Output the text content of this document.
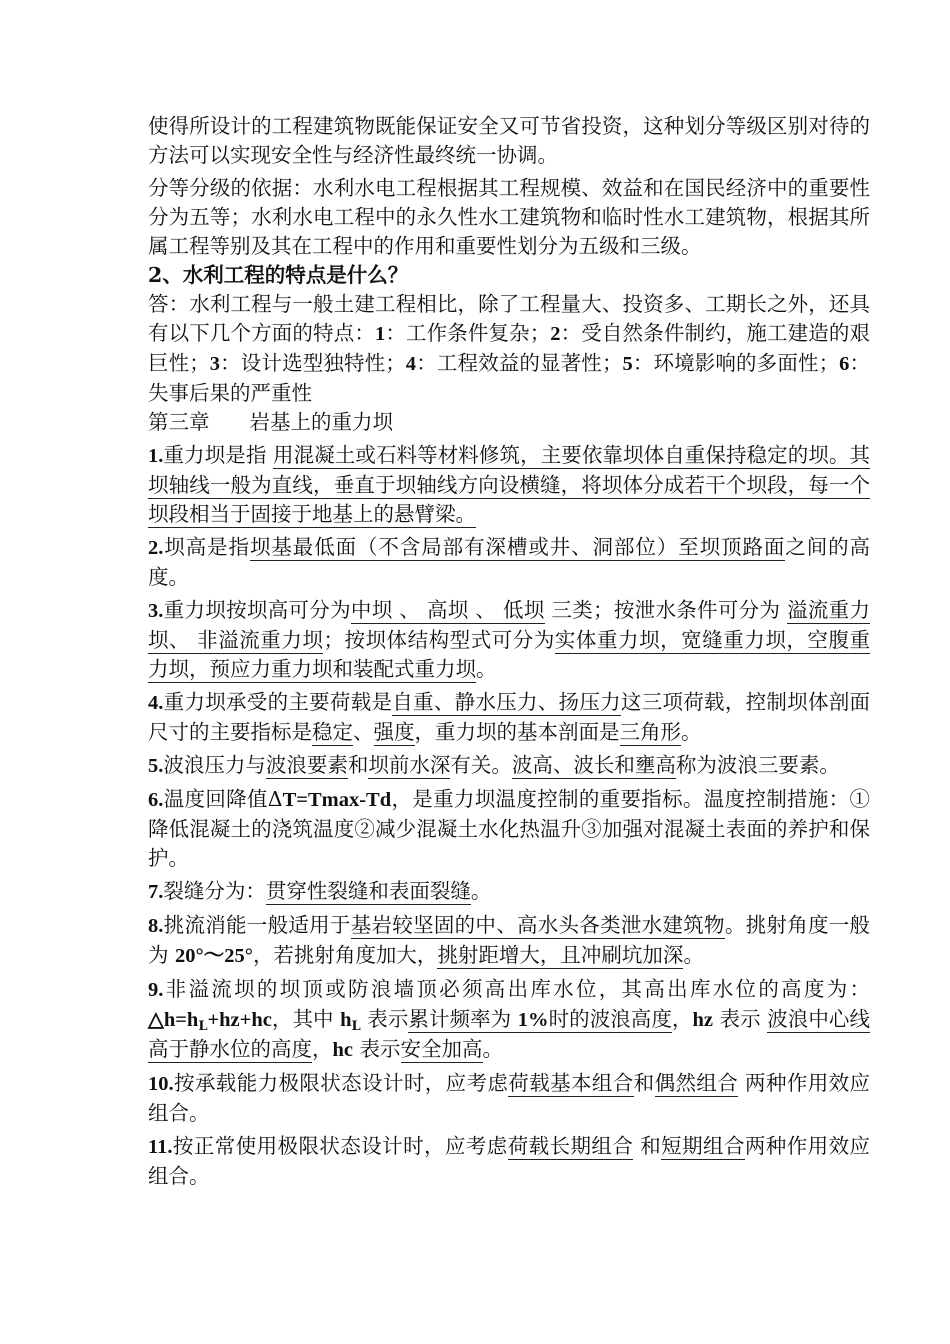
使得所设计的工程建筑物既能保证安全又可节省投资，这种划分等级区别对待的方法可以实现安全性与经济性最终统一协调。

分等分级的依据：水利水电工程根据其工程规模、效益和在国民经济中的重要性分为五等；水利水电工程中的永久性水工建筑物和临时性水工建筑物，根据其所属工程等别及其在工程中的作用和重要性划分为五级和三级。

2、水利工程的特点是什么？

答：水利工程与一般土建工程相比，除了工程量大、投资多、工期长之外，还具有以下几个方面的特点：1：工作条件复杂；2：受自然条件制约，施工建造的艰巨性；3：设计选型独特性；4：工程效益的显著性；5：环境影响的多面性；6：失事后果的严重性

第三章 岩基上的重力坝

1.重力坝是指 用混凝土或石料等材料修筑，主要依靠坝体自重保持稳定的坝。其坝轴线一般为直线，垂直于坝轴线方向设横缝，将坝体分成若干个坝段，每一个坝段相当于固接于地基上的悬臂梁。

2.坝高是指坝基最低面（不含局部有深槽或井、洞部位）至坝顶路面之间的高度。

3.重力坝按坝高可分为中坝 、 高坝 、 低坝 三类；按泄水条件可分为 溢流重力坝、 非溢流重力坝；按坝体结构型式可分为实体重力坝，宽缝重力坝，空腹重力坝，预应力重力坝和装配式重力坝。

4.重力坝承受的主要荷载是自重、静水压力、扬压力这三项荷载，控制坝体剖面尺寸的主要指标是稳定、强度，重力坝的基本剖面是三角形。

5.波浪压力与波浪要素和坝前水深有关。波高、波长和壅高称为波浪三要素。

6.温度回降值ΔT=Tmax-Td，是重力坝温度控制的重要指标。温度控制措施：①降低混凝土的浇筑温度②减少混凝土水化热温升③加强对混凝土表面的养护和保护。

7.裂缝分为：贯穿性裂缝和表面裂缝。

8.挑流消能一般适用于基岩较坚固的中、高水头各类泄水建筑物。挑射角度一般为 20°～25°，若挑射角度加大，挑射距增大，且冲刷坑加深。

9.非溢流坝的坝顶或防浪墙顶必须高出库水位，其高出库水位的高度为：$\triangle h=h_L+hz+hc$，其中 $h_L$ 表示累计频率为 1%时的波浪高度，hz 表示 波浪中心线高于静水位的高度，hc 表示安全加高。

10.按承载能力极限状态设计时，应考虑荷载基本组合和偶然组合 两种作用效应组合。

11.按正常使用极限状态设计时，应考虑荷载长期组合 和短期组合两种作用效应组合。
